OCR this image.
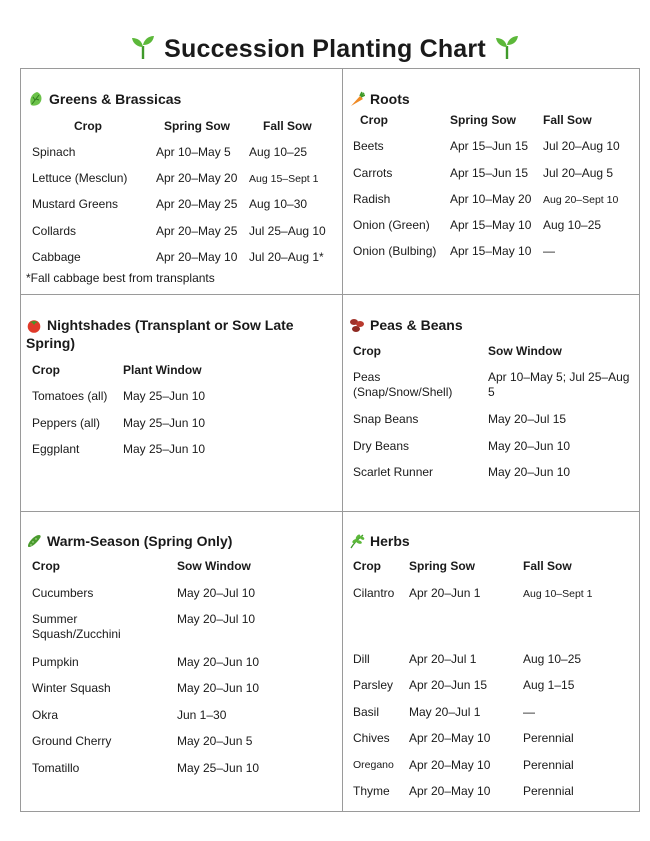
Succession Planting Chart
Greens & Brassicas
Crop	Spring Sow	Fall Sow
Spinach	Apr 10–May 5 Aug 10–25
Lettuce (Mesclun) Apr 20–May 20 Aug 15–Sept 1
Mustard Greens	Apr 20–May 25 Aug 10–30
Collards	Apr 20–May 25 Jul 25–Aug 10
Cabbage	Apr 20–May 10 Jul 20–Aug 1*
*Fall cabbage best from transplants
Roots
Crop	Spring Sow Fall Sow
Beets	Apr 15–Jun 15 Jul 20–Aug 10
Carrots	Apr 15–Jun 15 Jul 20–Aug 5
Radish	Apr 10–May 20 Aug 20–Sept 10
Onion (Green) Apr 15–May 10 Aug 10–25
Onion (Bulbing) Apr 15–May 10 —
Nightshades (Transplant or Sow Late
Spring)
Crop	Plant Window
Tomatoes (all) May 25–Jun 10
Peppers (all) May 25–Jun 10
Eggplant	May 25–Jun 10
Peas & Beans
Crop	Sow Window
Peas
(Snap/Snow/Shell)
Apr 10–May 5; Jul 25–Aug 5
Snap Beans	May 20–Jul 15
Dry Beans	May 20–Jun 10
Scarlet Runner	May 20–Jun 10
Warm-Season (Spring Only)
Crop	Sow Window
Cucumbers	May 20–Jul 10
Summer
Squash/Zucchini
May 20–Jul 10
Pumpkin	May 20–Jun 10
Winter Squash	May 20–Jun 10
Okra	Jun 1–30
Ground Cherry	May 20–Jun 5
Tomatillo	May 25–Jun 10
Herbs
Crop Spring Sow	Fall Sow
Cilantro Apr 20–Jun 1	Aug 10–Sept 1
Dill	Apr 20–Jul 1	Aug 10–25
Parsley Apr 20–Jun 15	Aug 1–15
Basil May 20–Jul 1	—
Chives Apr 20–May 10	Perennial
Oregano Apr 20–May 10	Perennial
Thyme Apr 20–May 10	Perennial
